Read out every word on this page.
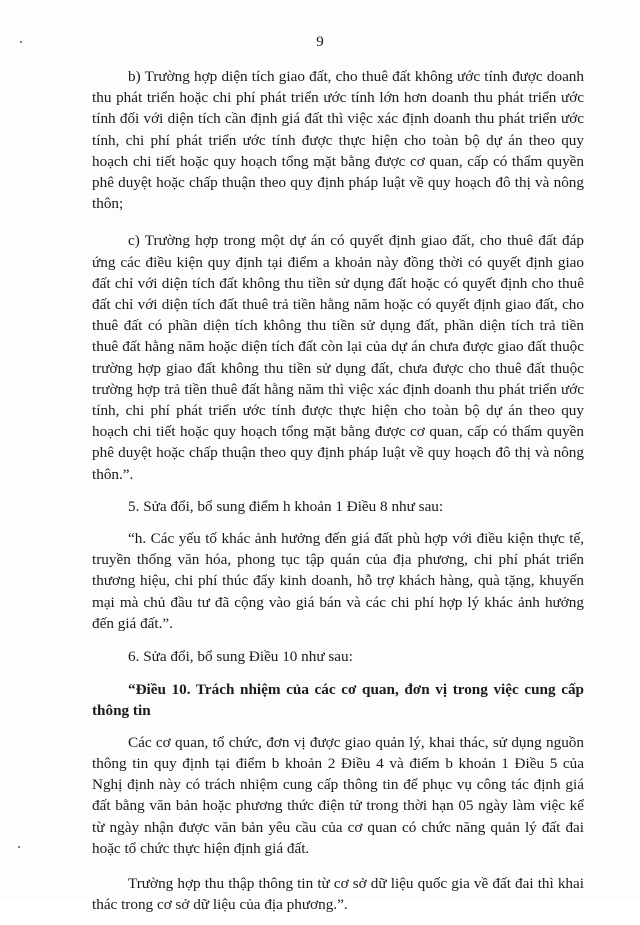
9

b) Trường hợp diện tích giao đất, cho thuê đất không ước tính được doanh thu phát triển hoặc chi phí phát triển ước tính lớn hơn doanh thu phát triển ước tính đối với diện tích cần định giá đất thì việc xác định doanh thu phát triển ước tính, chi phí phát triển ước tính được thực hiện cho toàn bộ dự án theo quy hoạch chi tiết hoặc quy hoạch tổng mặt bằng được cơ quan, cấp có thẩm quyền phê duyệt hoặc chấp thuận theo quy định pháp luật về quy hoạch đô thị và nông thôn;

c) Trường hợp trong một dự án có quyết định giao đất, cho thuê đất đáp ứng các điều kiện quy định tại điểm a khoản này đồng thời có quyết định giao đất chỉ với diện tích đất không thu tiền sử dụng đất hoặc có quyết định cho thuê đất chỉ với diện tích đất thuê trả tiền hằng năm hoặc có quyết định giao đất, cho thuê đất có phần diện tích không thu tiền sử dụng đất, phần diện tích trả tiền thuê đất hằng năm hoặc diện tích đất còn lại của dự án chưa được giao đất thuộc trường hợp giao đất không thu tiền sử dụng đất, chưa được cho thuê đất thuộc trường hợp trả tiền thuê đất hằng năm thì việc xác định doanh thu phát triển ước tính, chi phí phát triển ước tính được thực hiện cho toàn bộ dự án theo quy hoạch chi tiết hoặc quy hoạch tổng mặt bằng được cơ quan, cấp có thẩm quyền phê duyệt hoặc chấp thuận theo quy định pháp luật về quy hoạch đô thị và nông thôn.”.

5. Sửa đổi, bổ sung điểm h khoản 1 Điều 8 như sau:

“h. Các yếu tố khác ảnh hưởng đến giá đất phù hợp với điều kiện thực tế, truyền thống văn hóa, phong tục tập quán của địa phương, chi phí phát triển thương hiệu, chi phí thúc đẩy kinh doanh, hỗ trợ khách hàng, quà tặng, khuyến mại mà chủ đầu tư đã cộng vào giá bán và các chi phí hợp lý khác ảnh hưởng đến giá đất.”.

6. Sửa đổi, bổ sung Điều 10 như sau:

“Điều 10. Trách nhiệm của các cơ quan, đơn vị trong việc cung cấp thông tin

Các cơ quan, tổ chức, đơn vị được giao quản lý, khai thác, sử dụng nguồn thông tin quy định tại điểm b khoản 2 Điều 4 và điểm b khoản 1 Điều 5 của Nghị định này có trách nhiệm cung cấp thông tin để phục vụ công tác định giá đất bằng văn bản hoặc phương thức điện tử trong thời hạn 05 ngày làm việc kể từ ngày nhận được văn bản yêu cầu của cơ quan có chức năng quản lý đất đai hoặc tổ chức thực hiện định giá đất.

Trường hợp thu thập thông tin từ cơ sở dữ liệu quốc gia về đất đai thì khai thác trong cơ sở dữ liệu của địa phương.”.
